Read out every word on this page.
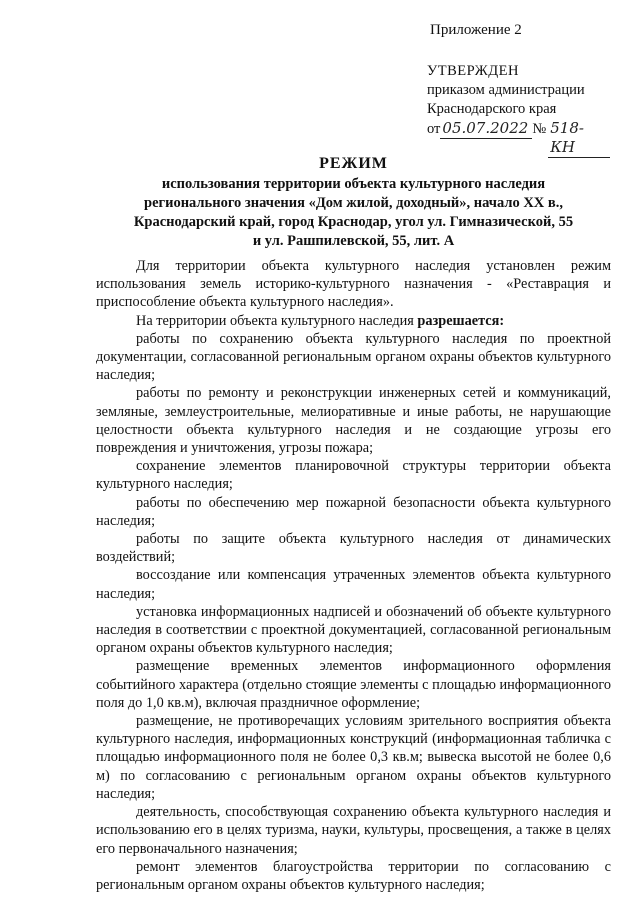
Приложение 2
УТВЕРЖДЕН
приказом администрации
Краснодарского края
от 05.07.2022 № 518-КН
РЕЖИМ
использования территории объекта культурного наследия
регионального значения «Дом жилой, доходный», начало XX в.,
Краснодарский край, город Краснодар, угол ул. Гимназической, 55
и ул. Рашпилевской, 55, лит. А

Для территории объекта культурного наследия установлен режим использования земель историко-культурного назначения - «Реставрация и приспособление объекта культурного наследия».

На территории объекта культурного наследия разрешается:

работы по сохранению объекта культурного наследия по проектной документации, согласованной региональным органом охраны объектов культурного наследия;

работы по ремонту и реконструкции инженерных сетей и коммуникаций, земляные, землеустроительные, мелиоративные и иные работы, не нарушающие целостности объекта культурного наследия и не создающие угрозы его повреждения и уничтожения, угрозы пожара;

сохранение элементов планировочной структуры территории объекта культурного наследия;

работы по обеспечению мер пожарной безопасности объекта культурного наследия;

работы по защите объекта культурного наследия от динамических воздействий;

воссоздание или компенсация утраченных элементов объекта культурного наследия;

установка информационных надписей и обозначений об объекте культурного наследия в соответствии с проектной документацией, согласованной региональным органом охраны объектов культурного наследия;

размещение временных элементов информационного оформления событийного характера (отдельно стоящие элементы с площадью информационного поля до 1,0 кв.м), включая праздничное оформление;

размещение, не противоречащих условиям зрительного восприятия объекта культурного наследия, информационных конструкций (информационная табличка с площадью информационного поля не более 0,3 кв.м; вывеска высотой не более 0,6 м) по согласованию с региональным органом охраны объектов культурного наследия;

деятельность, способствующая сохранению объекта культурного наследия и использованию его в целях туризма, науки, культуры, просвещения, а также в целях его первоначального назначения;

ремонт элементов благоустройства территории по согласованию с региональным органом охраны объектов культурного наследия;
